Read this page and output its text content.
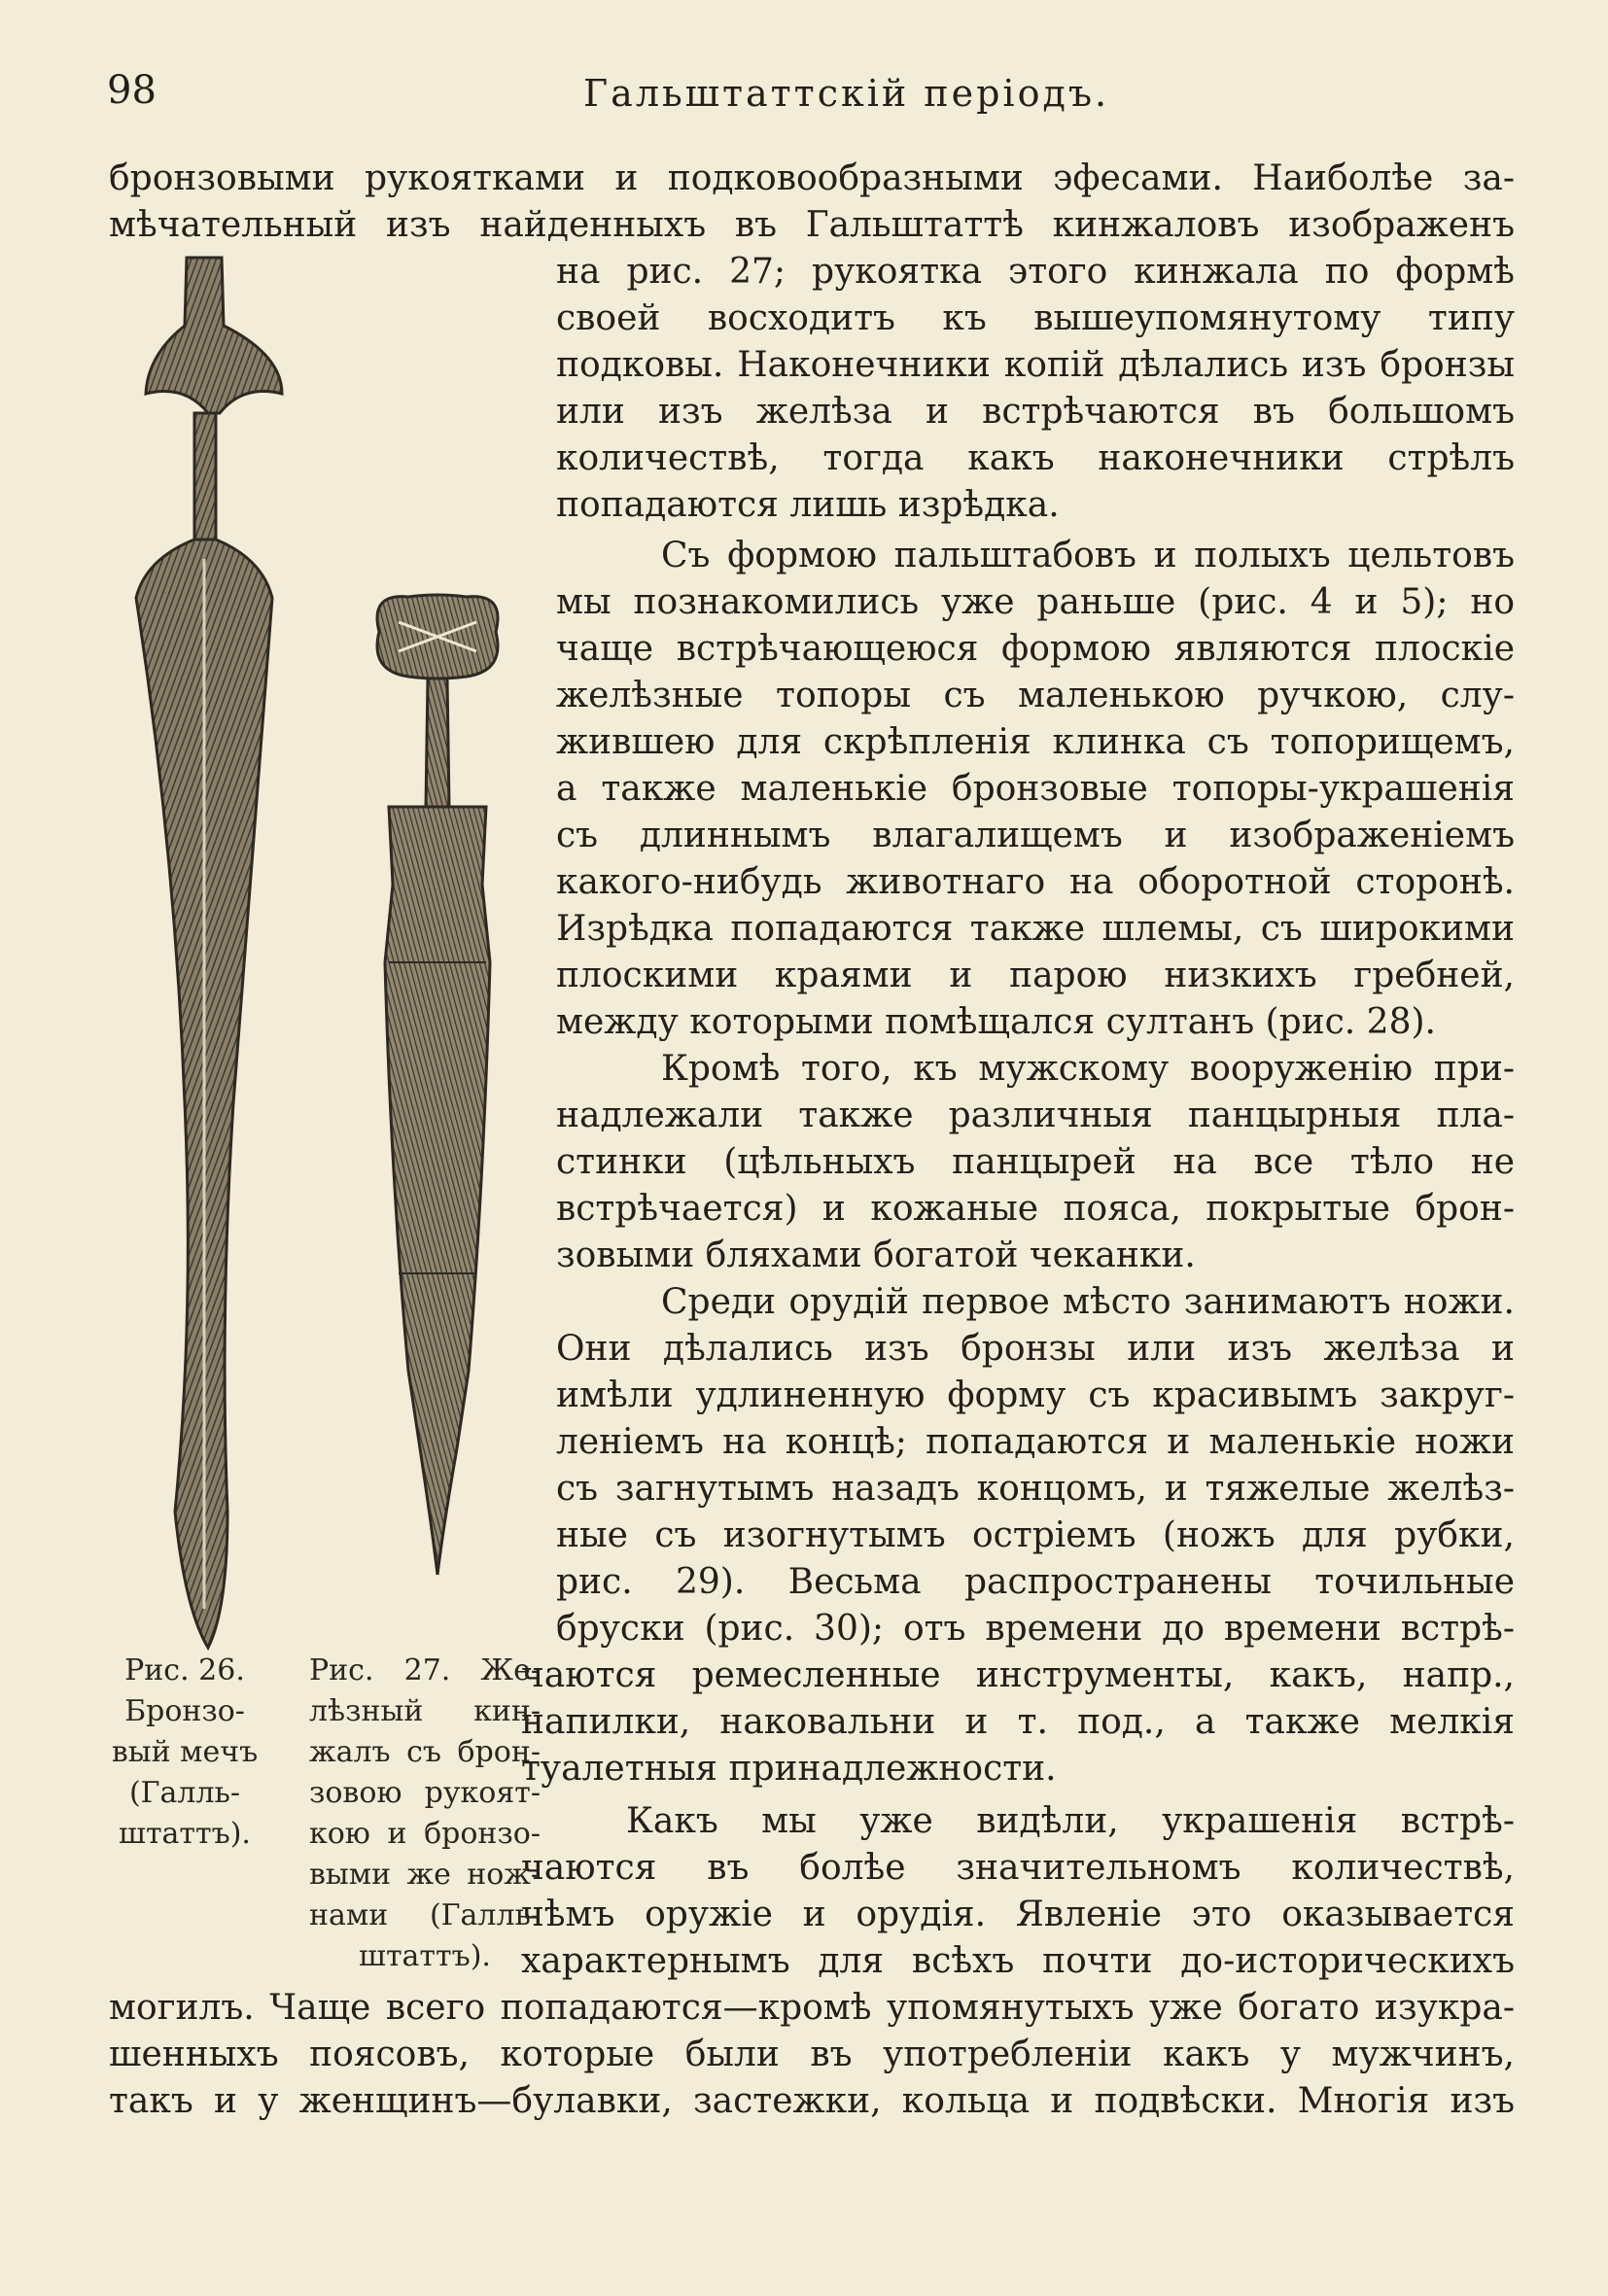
98	Гальштаттскій періодъ.
бронзовыми рукоятками и подковообразными эфесами. Наиболѣе за-
мѣчательный изъ найденныхъ въ Гальштаттѣ кинжаловъ изображенъ
на рис. 27; рукоятка этого кинжала по формѣ
своей восходитъ къ вышеупомянутому типу
подковы. Наконечники копій дѣлались изъ бронзы
или изъ желѣза и встрѣчаются въ большомъ
количествѣ, тогда какъ наконечники стрѣлъ
попадаются лишь изрѣдка.
Съ формою пальштабовъ и полыхъ цельтовъ
мы познакомились уже раньше (рис. 4 и 5); но
чаще встрѣчающеюся формою являются плоскіе
желѣзные топоры съ маленькою ручкою, слу-
жившею для скрѣпленія клинка съ топорищемъ,
а также маленькіе бронзовые топоры-украшенія
съ длиннымъ влагалищемъ и изображеніемъ
какого-нибудь животнаго на оборотной сторонѣ.
Изрѣдка попадаются также шлемы, съ широкими
плоскими краями и парою низкихъ гребней,
между которыми помѣщался султанъ (рис. 28).
Кромѣ того, къ мужскому вооруженію при-
надлежали также различныя панцырныя пла-
стинки (цѣльныхъ панцырей на все тѣло не
встрѣчается) и кожаные пояса, покрытые брон-
зовыми бляхами богатой чеканки.
Среди орудій первое мѣсто занимаютъ ножи.
Они дѣлались изъ бронзы или изъ желѣза и
имѣли удлиненную форму съ красивымъ закруг-
леніемъ на концѣ; попадаются и маленькіе ножи
съ загнутымъ назадъ концомъ, и тяжелые желѣз-
ные съ изогнутымъ остріемъ (ножъ для рубки,
рис. 29). Весьма распространены точильные
бруски (рис. 30); отъ времени до времени встрѣ-
чаются ремесленные инструменты, какъ, напр.,
напилки, наковальни и т. под., а также мелкія
туалетныя принадлежности.
Какъ мы уже видѣли, украшенія встрѣ-
чаются въ болѣе значительномъ количествѣ,
чѣмъ оружіе и орудія. Явленіе это оказывается
характернымъ для всѣхъ почти до-историческихъ
могилъ. Чаще всего попадаются—кромѣ упомянутыхъ уже богато изукра-
шенныхъ поясовъ, которые были въ употребленіи какъ у мужчинъ,
такъ и у женщинъ—булавки, застежки, кольца и подвѣски. Многія изъ
Рис. 26.
Бронзо-
вый мечъ
(Галль-
штаттъ).
Рис. 27. Же-
лѣзный кин-
жалъ съ брон-
зовою рукоят-
кою и бронзо-
выми же нож-
нами (Галль-
штаттъ).
